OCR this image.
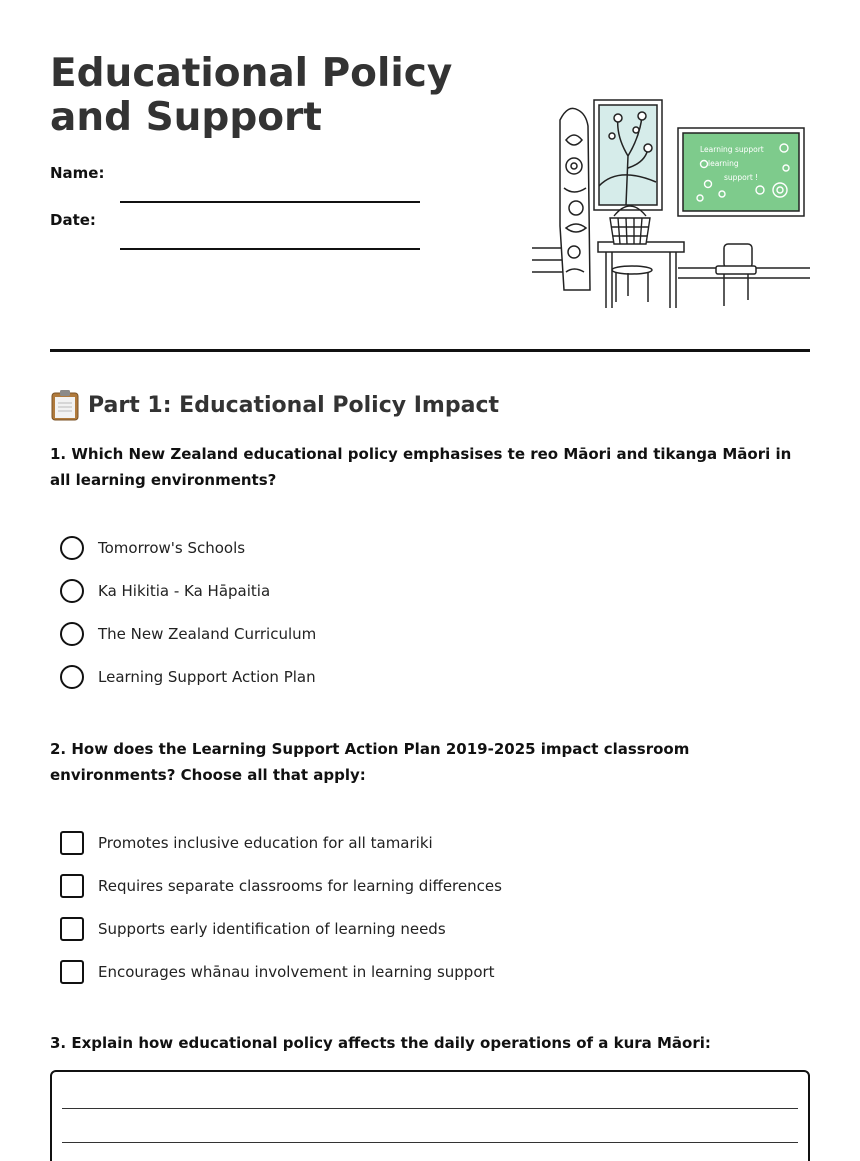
Educational Policy and Support
Name:
Date:
Learning support
learning
support !
Part 1: Educational Policy Impact
1. Which New Zealand educational policy emphasises te reo Māori and tikanga Māori in all learning environments?
Tomorrow's Schools
Ka Hikitia - Ka Hāpaitia
The New Zealand Curriculum
Learning Support Action Plan
2. How does the Learning Support Action Plan 2019-2025 impact classroom environments? Choose all that apply:
Promotes inclusive education for all tamariki
Requires separate classrooms for learning differences
Supports early identification of learning needs
Encourages whānau involvement in learning support
3. Explain how educational policy affects the daily operations of a kura Māori:
